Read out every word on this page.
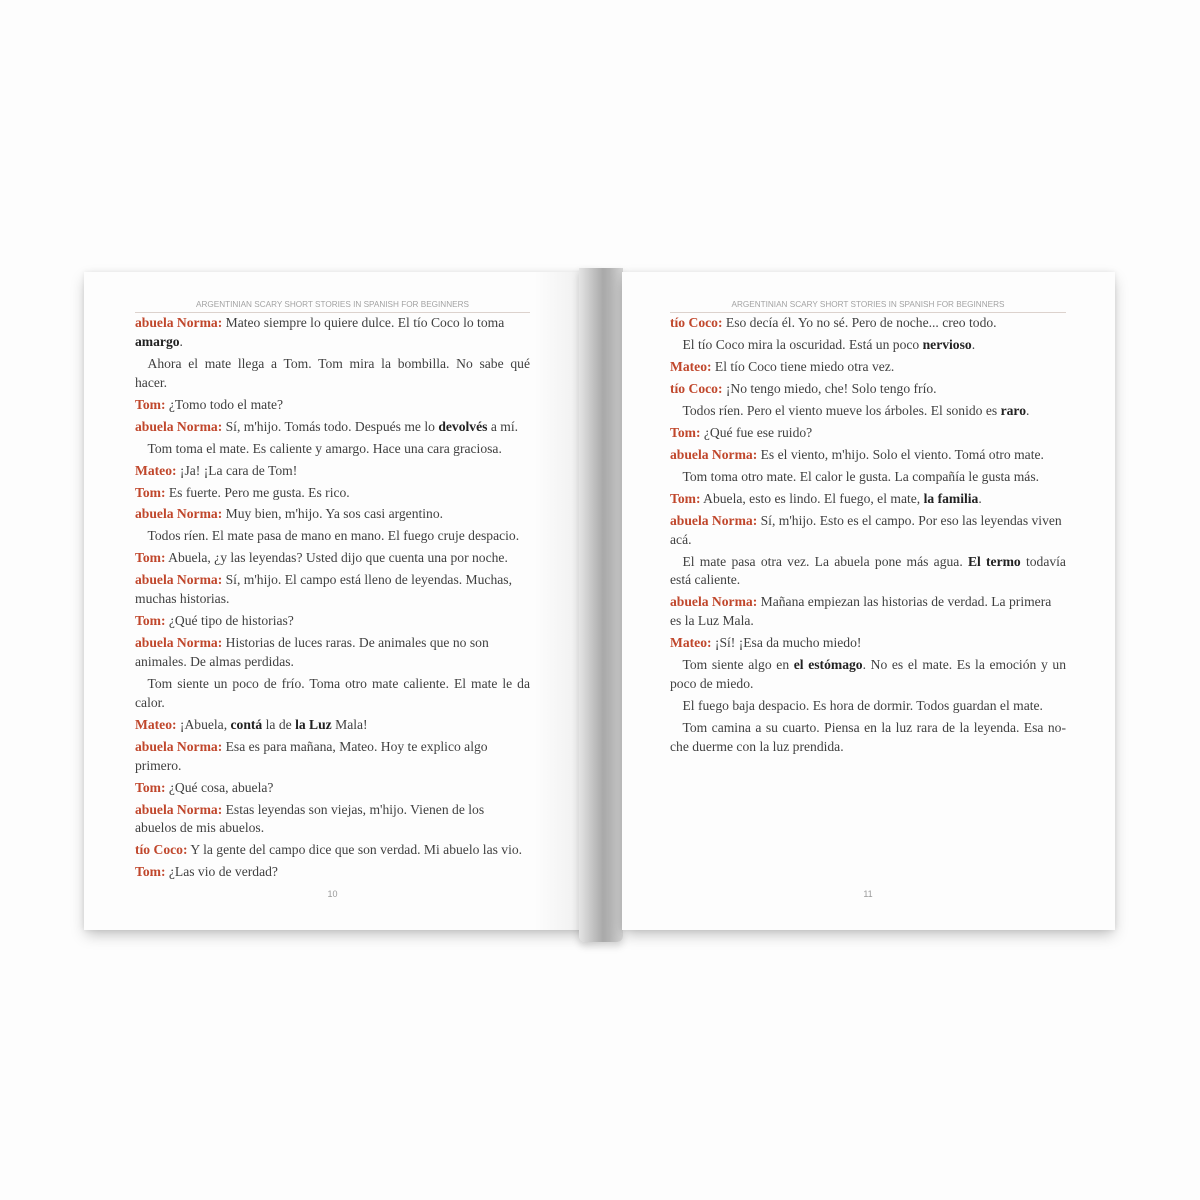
ARGENTINIAN SCARY SHORT STORIES IN SPANISH FOR BEGINNERS
abuela Norma: Mateo siempre lo quiere dulce. El tío Coco lo toma
amargo.
Ahora el mate llega a Tom. Tom mira la bombilla. No sabe qué
hacer.
Tom: ¿Tomo todo el mate?
abuela Norma: Sí, m'hijo. Tomás todo. Después me lo devolvés a mí.
Tom toma el mate. Es caliente y amargo. Hace una cara graciosa.
Mateo: ¡Ja! ¡La cara de Tom!
Tom: Es fuerte. Pero me gusta. Es rico.
abuela Norma: Muy bien, m'hijo. Ya sos casi argentino.
Todos ríen. El mate pasa de mano en mano. El fuego cruje despacio.
Tom: Abuela, ¿y las leyendas? Usted dijo que cuenta una por noche.
abuela Norma: Sí, m'hijo. El campo está lleno de leyendas. Muchas,
muchas historias.
Tom: ¿Qué tipo de historias?
abuela Norma: Historias de luces raras. De animales que no son
animales. De almas perdidas.
Tom siente un poco de frío. Toma otro mate caliente. El mate le da
calor.
Mateo: ¡Abuela, contá la de la Luz Mala!
abuela Norma: Esa es para mañana, Mateo. Hoy te explico algo
primero.
Tom: ¿Qué cosa, abuela?
abuela Norma: Estas leyendas son viejas, m'hijo. Vienen de los
abuelos de mis abuelos.
tío Coco: Y la gente del campo dice que son verdad. Mi abuelo las vio.
Tom: ¿Las vio de verdad?
10
ARGENTINIAN SCARY SHORT STORIES IN SPANISH FOR BEGINNERS
tío Coco: Eso decía él. Yo no sé. Pero de noche... creo todo.
El tío Coco mira la oscuridad. Está un poco nervioso.
Mateo: El tío Coco tiene miedo otra vez.
tío Coco: ¡No tengo miedo, che! Solo tengo frío.
Todos ríen. Pero el viento mueve los árboles. El sonido es raro.
Tom: ¿Qué fue ese ruido?
abuela Norma: Es el viento, m'hijo. Solo el viento. Tomá otro mate.
Tom toma otro mate. El calor le gusta. La compañía le gusta más.
Tom: Abuela, esto es lindo. El fuego, el mate, la familia.
abuela Norma: Sí, m'hijo. Esto es el campo. Por eso las leyendas viven
acá.
El mate pasa otra vez. La abuela pone más agua. El termo todavía
está caliente.
abuela Norma: Mañana empiezan las historias de verdad. La primera
es la Luz Mala.
Mateo: ¡Sí! ¡Esa da mucho miedo!
Tom siente algo en el estómago. No es el mate. Es la emoción y un
poco de miedo.
El fuego baja despacio. Es hora de dormir. Todos guardan el mate.
Tom camina a su cuarto. Piensa en la luz rara de la leyenda. Esa no-
che duerme con la luz prendida.
11
